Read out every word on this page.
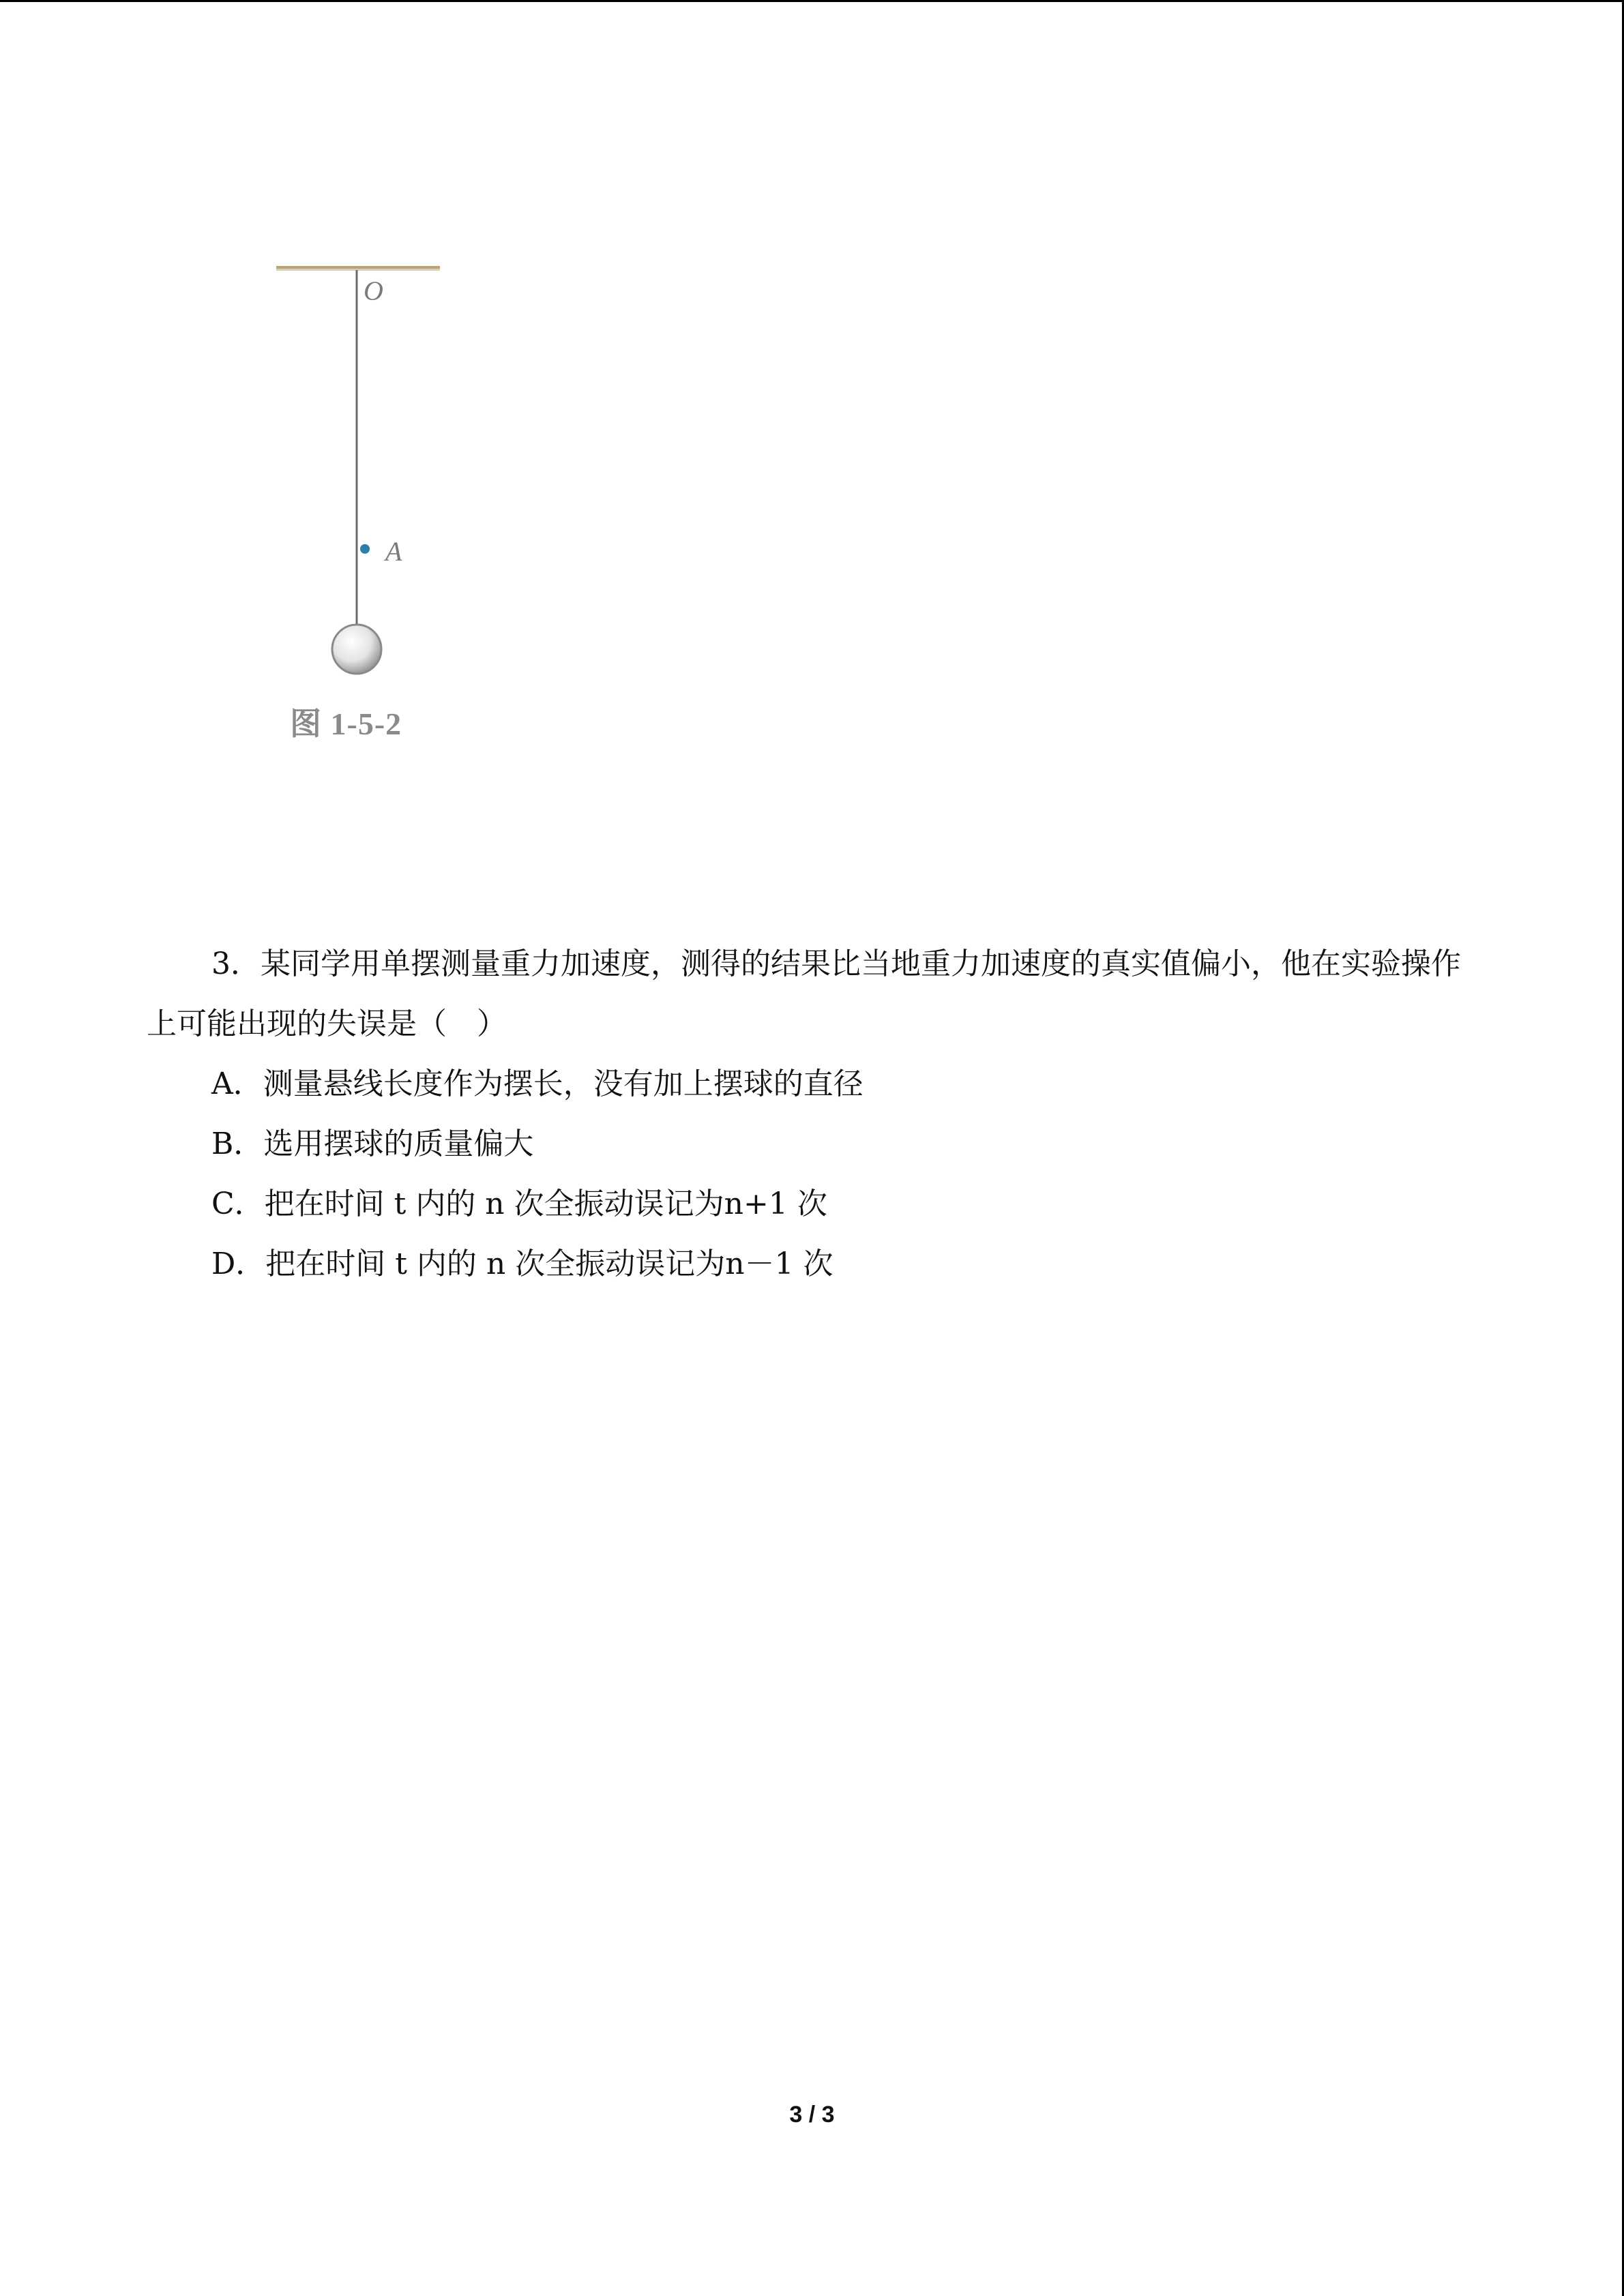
O
A
图 1-5-2

3．某同学用单摆测量重力加速度，测得的结果比当地重力加速度的真实值偏小，他在实验操作上可能出现的失误是（　）

A．测量悬线长度作为摆长，没有加上摆球的直径

B．选用摆球的质量偏大

C．把在时间 t 内的 n 次全振动误记为n+1 次

D．把在时间 t 内的 n 次全振动误记为n－1 次

3 / 3
